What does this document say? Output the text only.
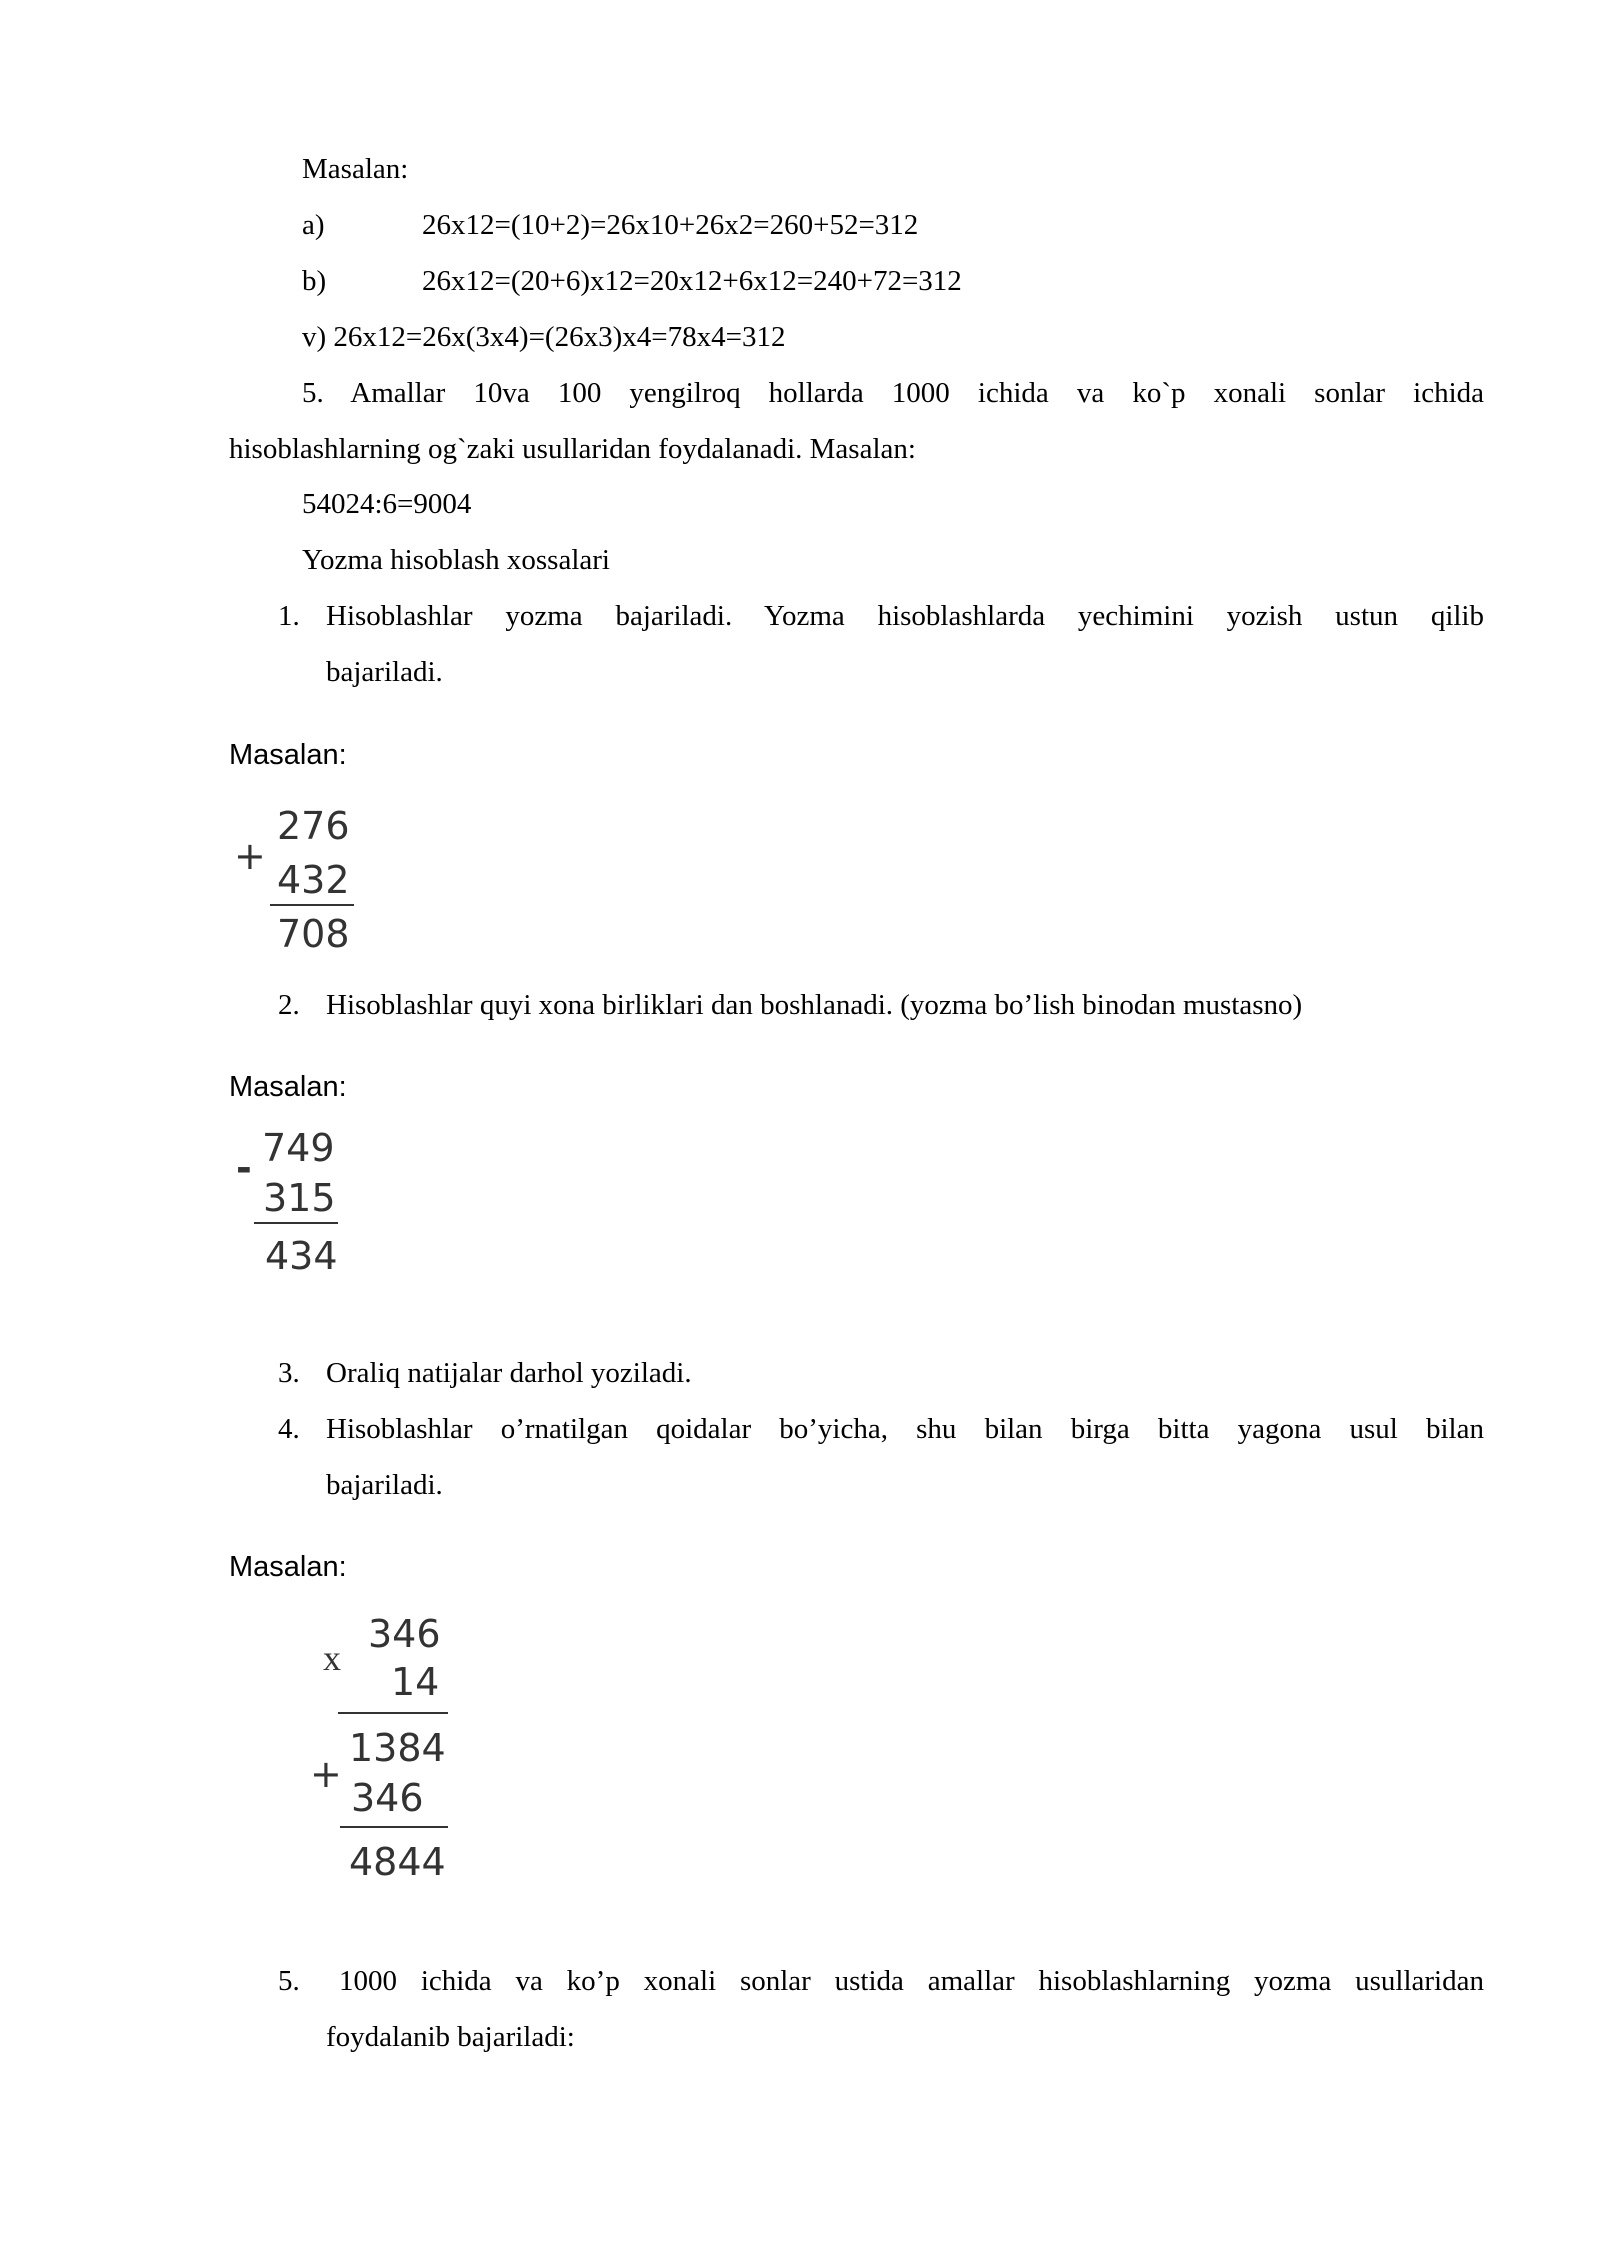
Masalan:
a)	26x12=(10+2)=26x10+26x2=260+52=312
b)	26x12=(20+6)x12=20x12+6x12=240+72=312
v) 26x12=26x(3x4)=(26x3)x4=78x4=312
5. Amallar 10va 100 yengilroq hollarda 1000 ichida va ko`p xonali sonlar ichida
hisoblashlarning og`zaki usullaridan foydalanadi. Masalan:
54024:6=9004
Yozma hisoblash xossalari
1. Hisoblashlar yozma bajariladi. Yozma hisoblashlarda yechimini yozish ustun qilib
bajariladi.
Masalan:
+
276
432
708
2. Hisoblashlar quyi xona birliklari dan boshlanadi. (yozma bo’lish binodan mustasno)
Masalan:
- 749
315
434
3. Oraliq natijalar darhol yoziladi.
4. Hisoblashlar o’rnatilgan qoidalar bo’yicha, shu bilan birga bitta yagona usul bilan
bajariladi.
Masalan:
x
346
14
1384
+
346
4844
5. 1000 ichida va ko’p xonali sonlar ustida amallar hisoblashlarning yozma usullaridan
foydalanib bajariladi:
